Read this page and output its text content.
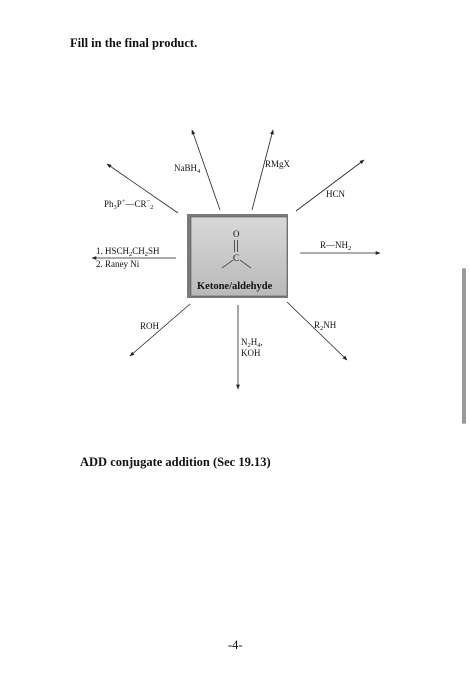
Fill in the final product.
O
C
Ketone/aldehyde
NaBH$_4$
RMgX
HCN
$Ph_3P^+—CR^-_2$
1. $HSCH_2CH_2SH$
2. Raney Ni
$R—NH_2$
ROH
$N_2H_4$,
KOH
$R_2NH$
ADD conjugate addition (Sec 19.13)
-4-
